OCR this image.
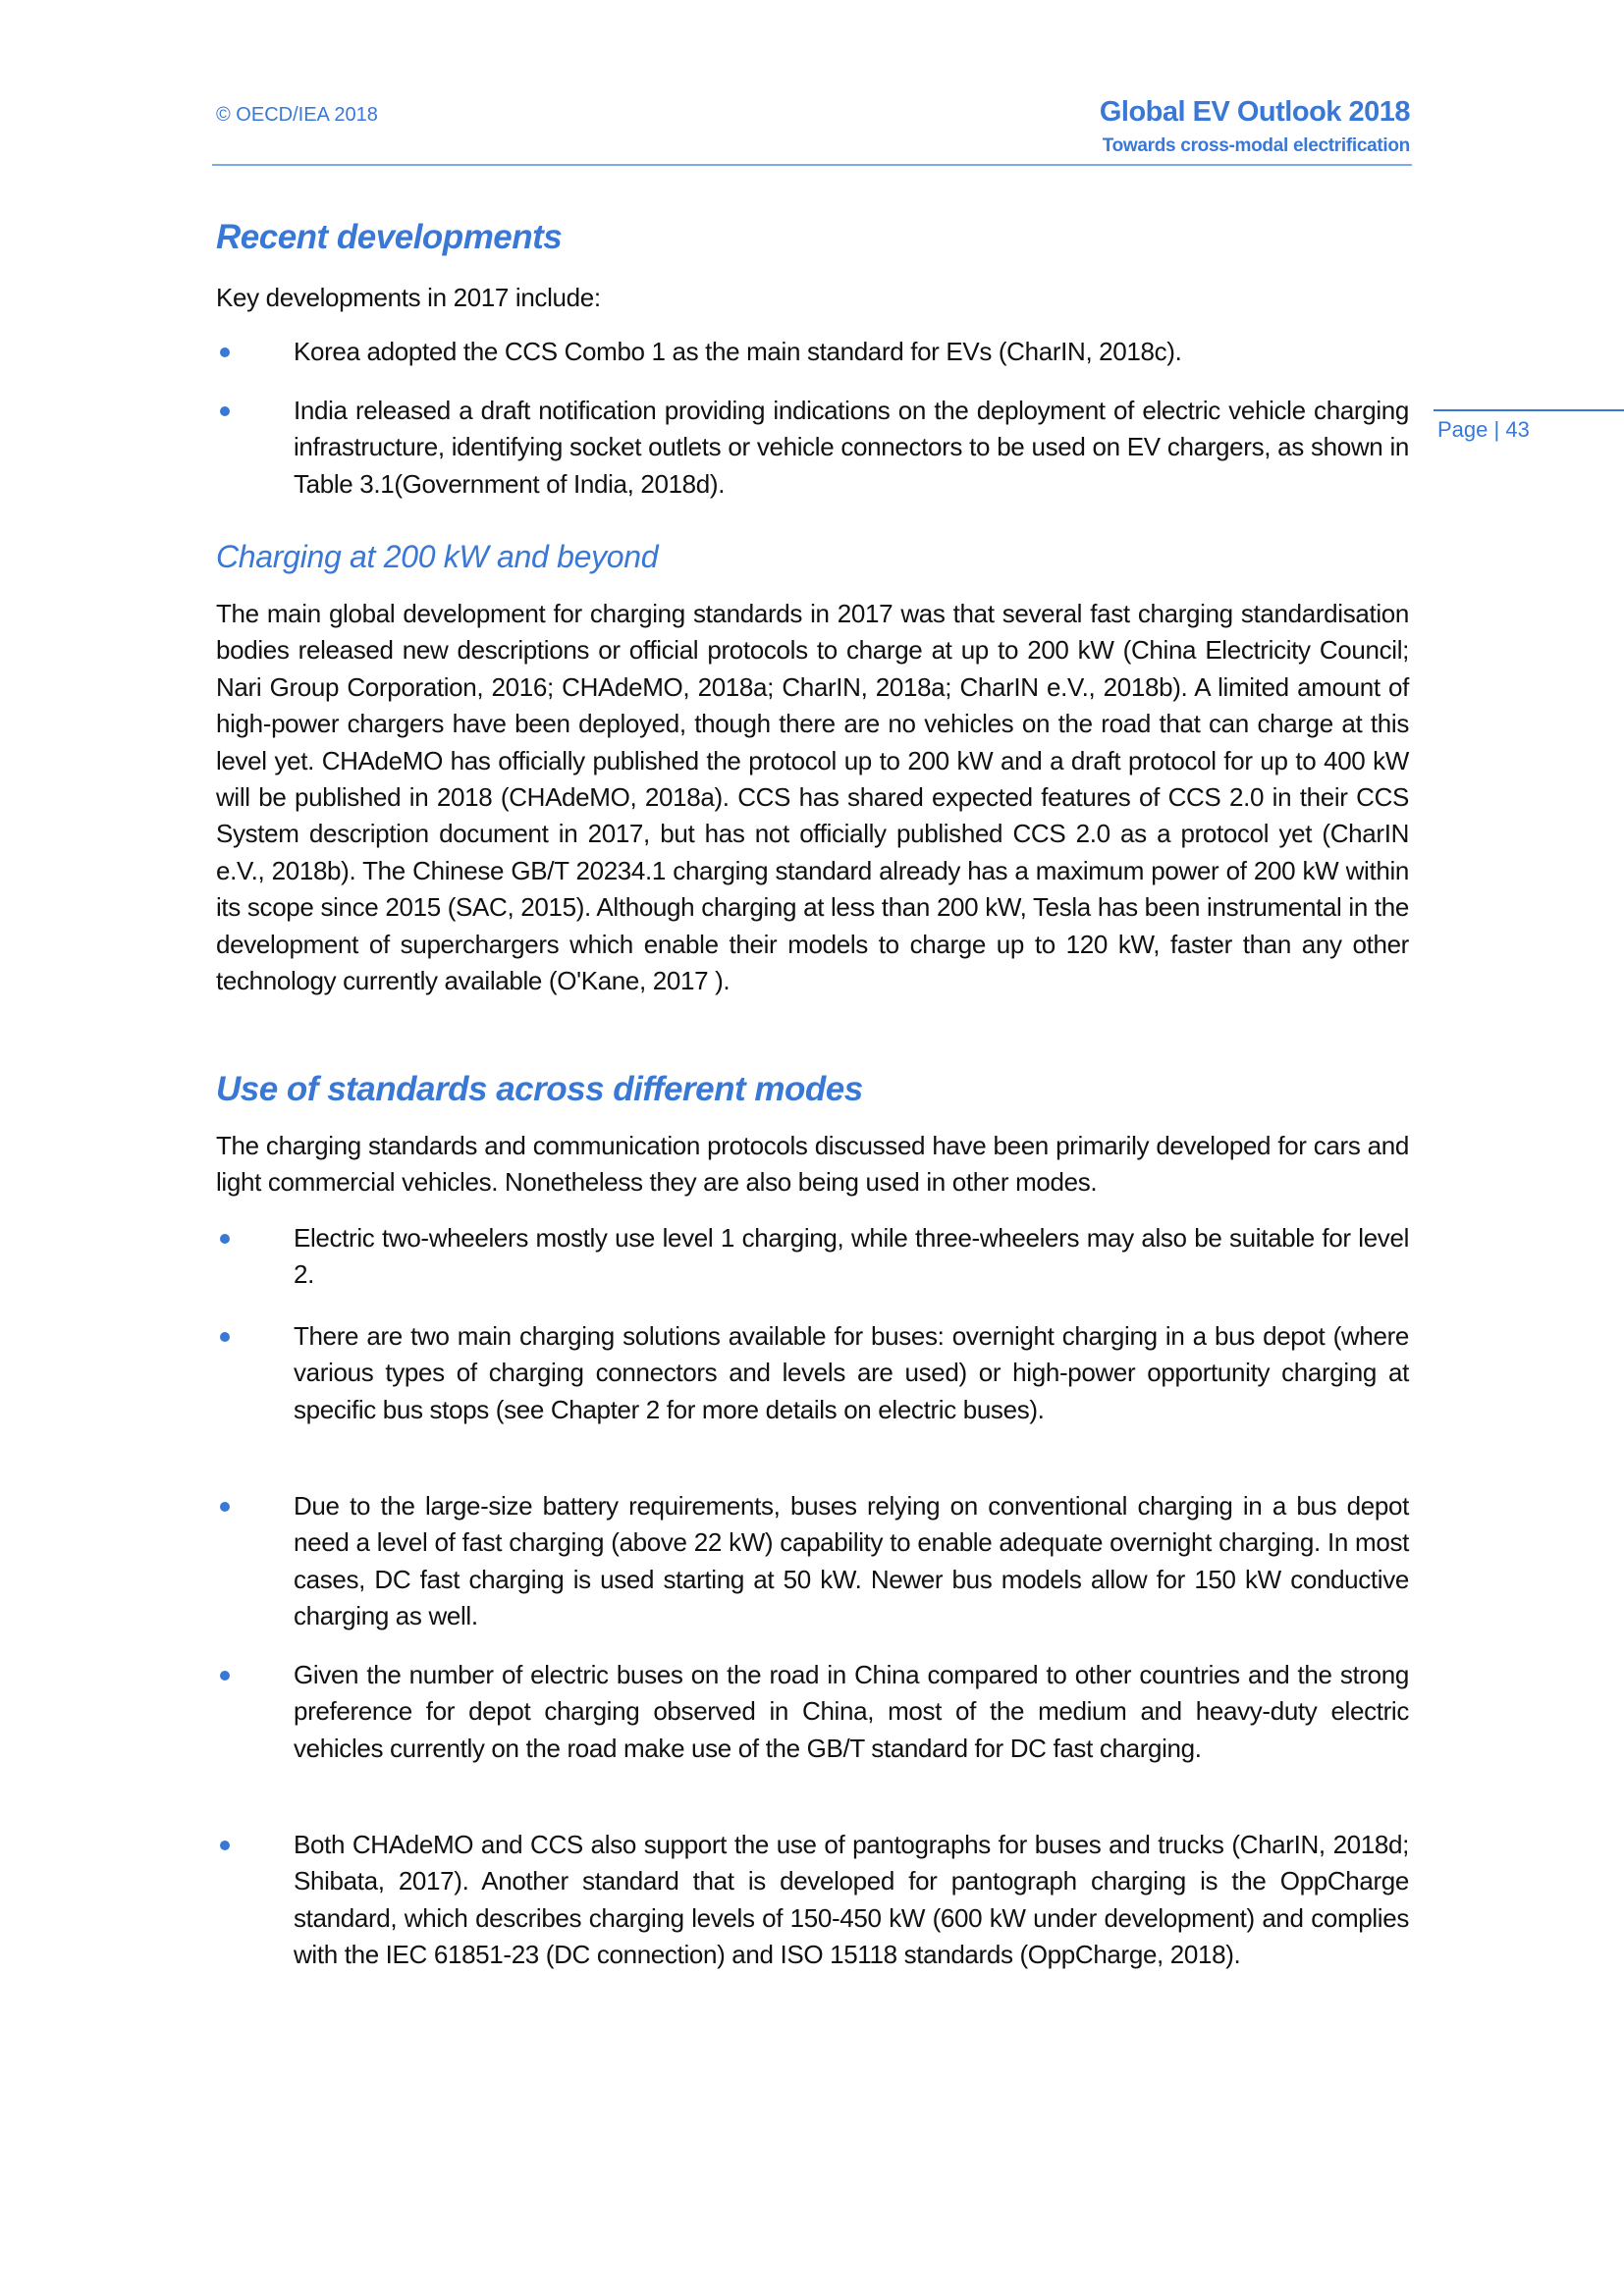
© OECD/IEA 2018	Global EV Outlook 2018
Towards cross-modal electrification
Page | 43
Recent developments
Key developments in 2017 include:
Korea adopted the CCS Combo 1 as the main standard for EVs (CharIN, 2018c).
India released a draft notification providing indications on the deployment of electric vehicle charging infrastructure, identifying socket outlets or vehicle connectors to be used on EV chargers, as shown in Table 3.1(Government of India, 2018d).
Charging at 200 kW and beyond
The main global development for charging standards in 2017 was that several fast charging standardisation bodies released new descriptions or official protocols to charge at up to 200 kW (China Electricity Council; Nari Group Corporation, 2016; CHAdeMO, 2018a; CharIN, 2018a; CharIN e.V., 2018b). A limited amount of high-power chargers have been deployed, though there are no vehicles on the road that can charge at this level yet. CHAdeMO has officially published the protocol up to 200 kW and a draft protocol for up to 400 kW will be published in 2018 (CHAdeMO, 2018a). CCS has shared expected features of CCS 2.0 in their CCS System description document in 2017, but has not officially published CCS 2.0 as a protocol yet (CharIN e.V., 2018b). The Chinese GB/T 20234.1 charging standard already has a maximum power of 200 kW within its scope since 2015 (SAC, 2015). Although charging at less than 200 kW, Tesla has been instrumental in the development of superchargers which enable their models to charge up to 120 kW, faster than any other technology currently available (O'Kane, 2017 ).
Use of standards across different modes
The charging standards and communication protocols discussed have been primarily developed for cars and light commercial vehicles. Nonetheless they are also being used in other modes.
Electric two-wheelers mostly use level 1 charging, while three-wheelers may also be suitable for level 2.
There are two main charging solutions available for buses: overnight charging in a bus depot (where various types of charging connectors and levels are used) or high-power opportunity charging at specific bus stops (see Chapter 2 for more details on electric buses).
Due to the large-size battery requirements, buses relying on conventional charging in a bus depot need a level of fast charging (above 22 kW) capability to enable adequate overnight charging. In most cases, DC fast charging is used starting at 50 kW. Newer bus models allow for 150 kW conductive charging as well.
Given the number of electric buses on the road in China compared to other countries and the strong preference for depot charging observed in China, most of the medium and heavy-duty electric vehicles currently on the road make use of the GB/T standard for DC fast charging.
Both CHAdeMO and CCS also support the use of pantographs for buses and trucks (CharIN, 2018d; Shibata, 2017). Another standard that is developed for pantograph charging is the OppCharge standard, which describes charging levels of 150-450 kW (600 kW under development) and complies with the IEC 61851-23 (DC connection) and ISO 15118 standards (OppCharge, 2018).
